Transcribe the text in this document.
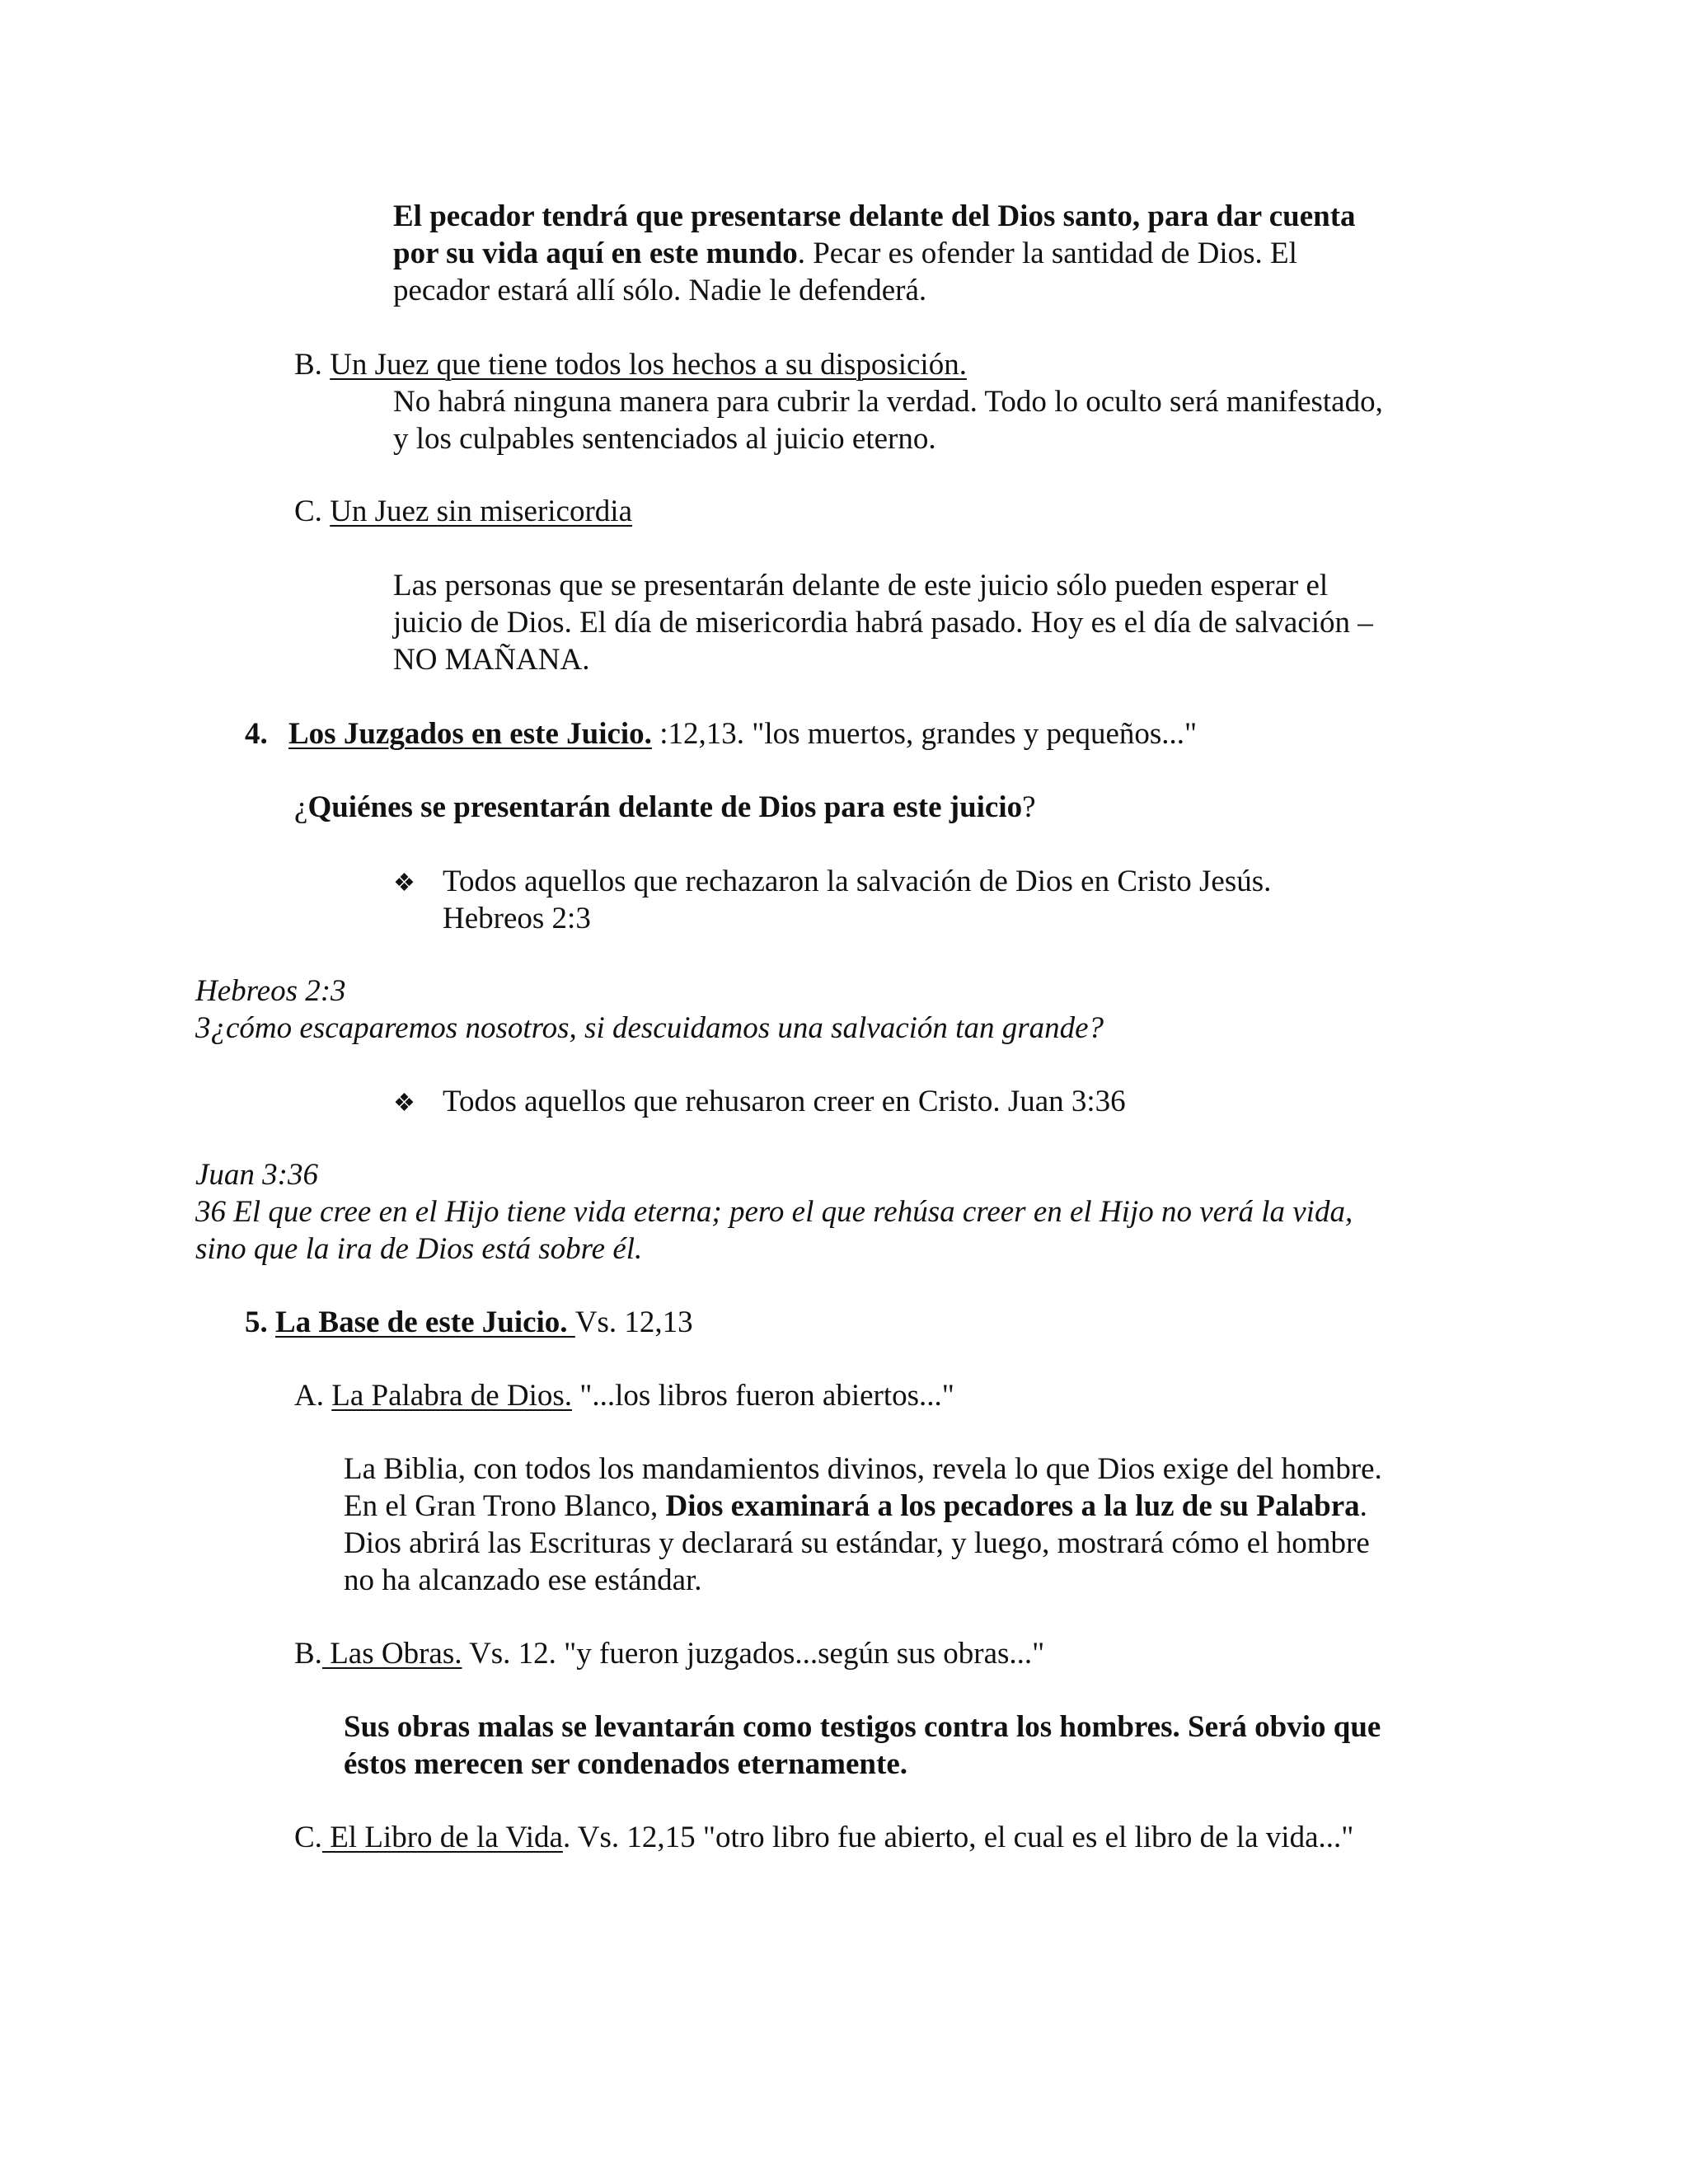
El pecador tendrá que presentarse delante del Dios santo, para dar cuenta
por su vida aquí en este mundo. Pecar es ofender la santidad de Dios. El
pecador estará allí sólo. Nadie le defenderá.
B. Un Juez que tiene todos los hechos a su disposición.
No habrá ninguna manera para cubrir la verdad. Todo lo oculto será manifestado,
y los culpables sentenciados al juicio eterno.
C. Un Juez sin misericordia
Las personas que se presentarán delante de este juicio sólo pueden esperar el
juicio de Dios. El día de misericordia habrá pasado. Hoy es el día de salvación –
NO MAÑANA.
4. Los Juzgados en este Juicio. :12,13. "los muertos, grandes y pequeños..."
¿Quiénes se presentarán delante de Dios para este juicio?
❖ Todos aquellos que rechazaron la salvación de Dios en Cristo Jesús.
Hebreos 2:3
Hebreos 2:3
3¿cómo escaparemos nosotros, si descuidamos una salvación tan grande?
❖ Todos aquellos que rehusaron creer en Cristo. Juan 3:36
Juan 3:36
36 El que cree en el Hijo tiene vida eterna; pero el que rehúsa creer en el Hijo no verá la vida,
sino que la ira de Dios está sobre él.
5. La Base de este Juicio. Vs. 12,13
A. La Palabra de Dios. "...los libros fueron abiertos..."
La Biblia, con todos los mandamientos divinos, revela lo que Dios exige del hombre.
En el Gran Trono Blanco, Dios examinará a los pecadores a la luz de su Palabra.
Dios abrirá las Escrituras y declarará su estándar, y luego, mostrará cómo el hombre
no ha alcanzado ese estándar.
B. Las Obras. Vs. 12. "y fueron juzgados...según sus obras..."
Sus obras malas se levantarán como testigos contra los hombres. Será obvio que
éstos merecen ser condenados eternamente.
C. El Libro de la Vida. Vs. 12,15 "otro libro fue abierto, el cual es el libro de la vida..."
